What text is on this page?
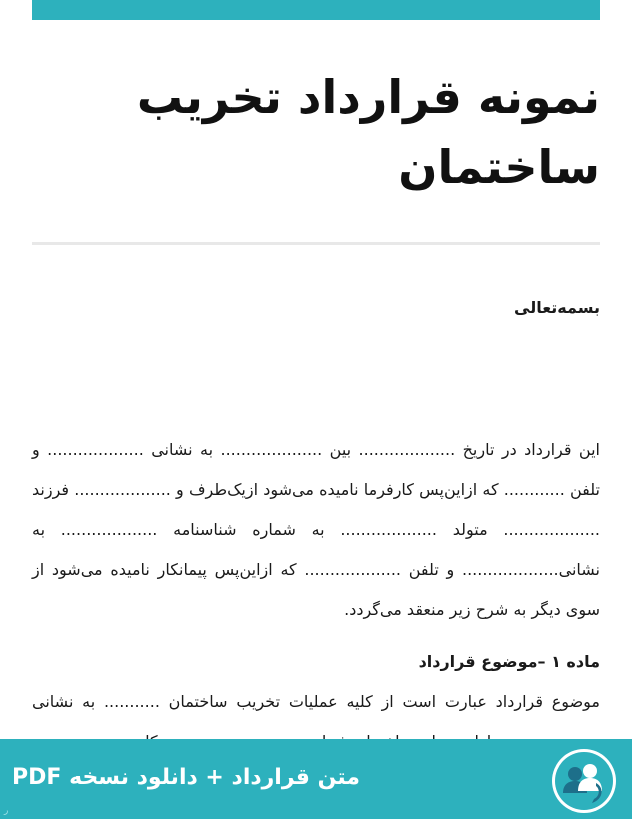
نمونه قرارداد تخریب ساختمان

بسمه‌تعالی

این قرارداد در تاریخ ................... بین .................... به نشانی ................... و تلفن ............ که ازاین‌پس کارفرما نامیده می‌شود ازیک‌طرف و ................... فرزند ................... متولد ................... به شماره شناسنامه ................... به نشانی................... و تلفن ................... که ازاین‌پس پیمانکار نامیده می‌شود از سوی دیگر به شرح زیر منعقد می‌گردد.

ماده ۱ –موضوع قرارداد

موضوع قرارداد عبارت است از کلیه عملیات تخریب ساختمان ........... به نشانی

متن قرارداد + دانلود نسخه PDF
ر
